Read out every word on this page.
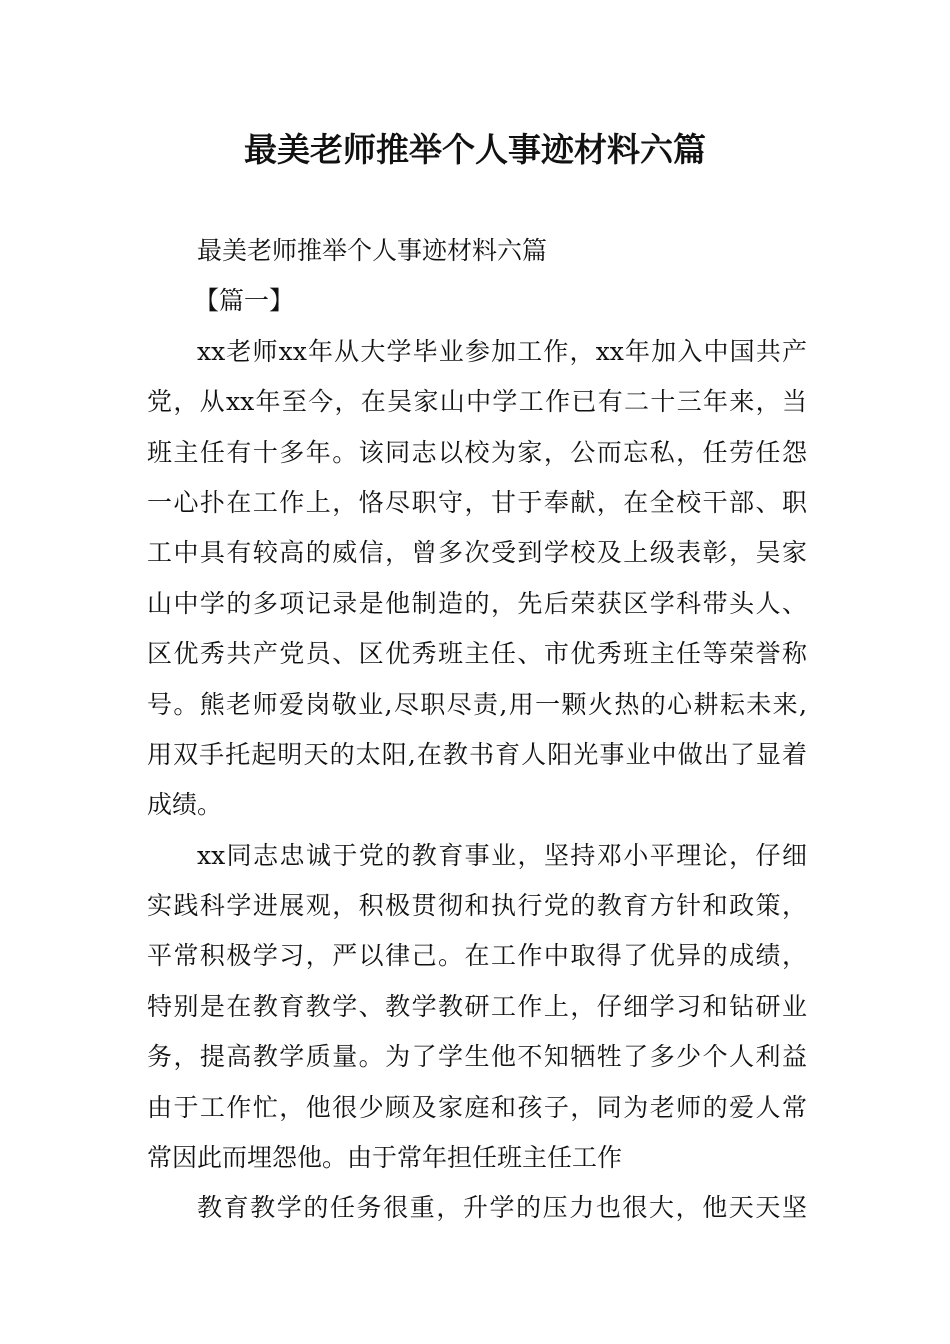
最美老师推举个人事迹材料六篇
最美老师推举个人事迹材料六篇
【篇一】
xx老师xx年从大学毕业参加工作，xx年加入中国共产
党，从xx年至今，在吴家山中学工作已有二十三年来，当
班主任有十多年。该同志以校为家，公而忘私，任劳任怨
一心扑在工作上，恪尽职守，甘于奉献，在全校干部、职
工中具有较高的威信，曾多次受到学校及上级表彰，吴家
山中学的多项记录是他制造的，先后荣获区学科带头人、
区优秀共产党员、区优秀班主任、市优秀班主任等荣誉称
号。熊老师爱岗敬业,尽职尽责,用一颗火热的心耕耘未来,
用双手托起明天的太阳,在教书育人阳光事业中做出了显着
成绩。
xx同志忠诚于党的教育事业，坚持邓小平理论，仔细
实践科学进展观，积极贯彻和执行党的教育方针和政策，
平常积极学习，严以律己。在工作中取得了优异的成绩，
特别是在教育教学、教学教研工作上，仔细学习和钻研业
务，提高教学质量。为了学生他不知牺牲了多少个人利益
由于工作忙，他很少顾及家庭和孩子，同为老师的爱人常
常因此而埋怨他。由于常年担任班主任工作
教育教学的任务很重，升学的压力也很大，他天天坚
